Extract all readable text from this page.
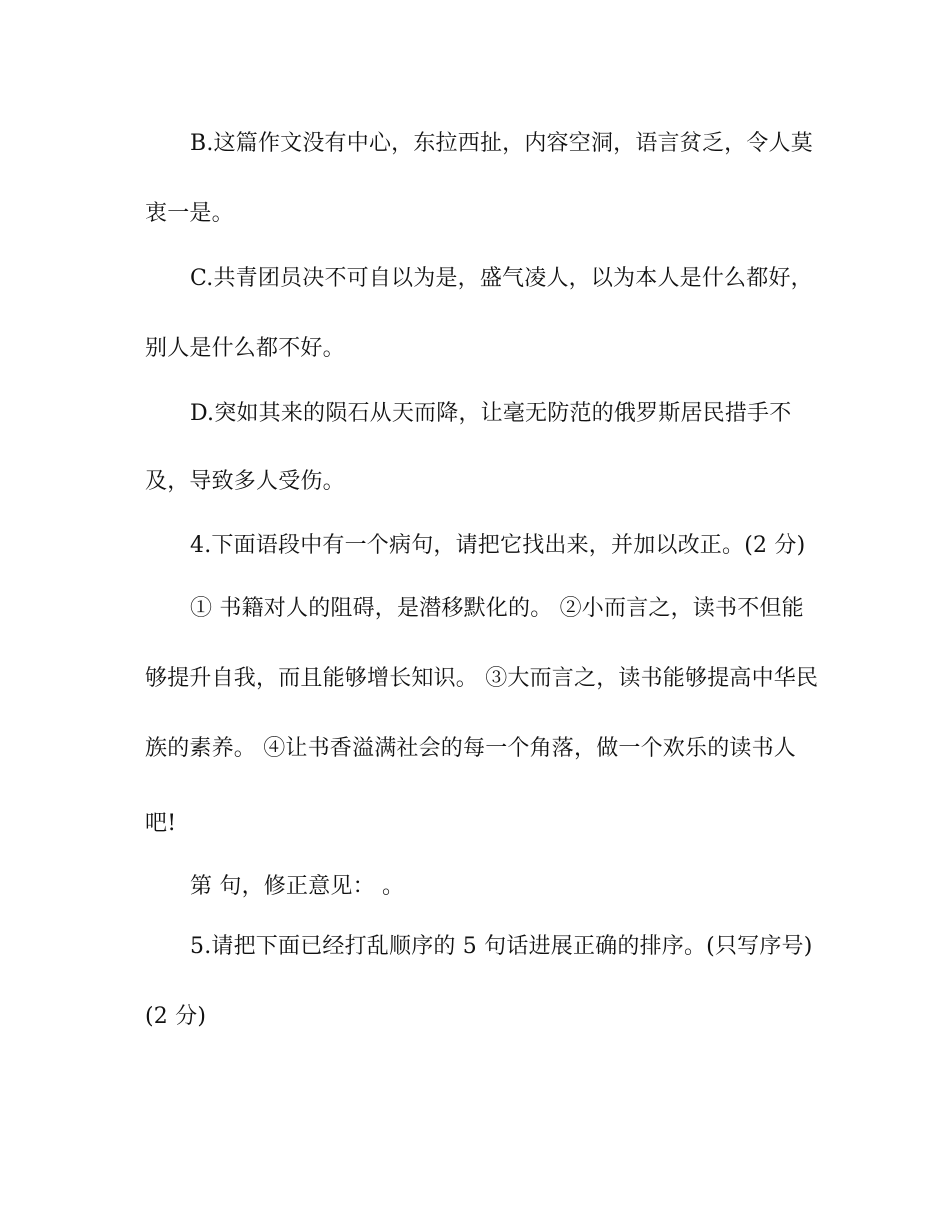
B.这篇作文没有中心，东拉西扯，内容空洞，语言贫乏，令人莫
衷一是。
C.共青团员决不可自以为是，盛气凌人，以为本人是什么都好，
别人是什么都不好。
D.突如其来的陨石从天而降，让毫无防范的俄罗斯居民措手不
及，导致多人受伤。
4.下面语段中有一个病句，请把它找出来，并加以改正。(2 分)
① 书籍对人的阻碍，是潜移默化的。 ②小而言之，读书不但能
够提升自我，而且能够增长知识。 ③大而言之，读书能够提高中华民
族的素养。 ④让书香溢满社会的每一个角落，做一个欢乐的读书人
吧!
第 句，修正意见： 。
5.请把下面已经打乱顺序的 5 句话进展正确的排序。(只写序号)
(2 分)
